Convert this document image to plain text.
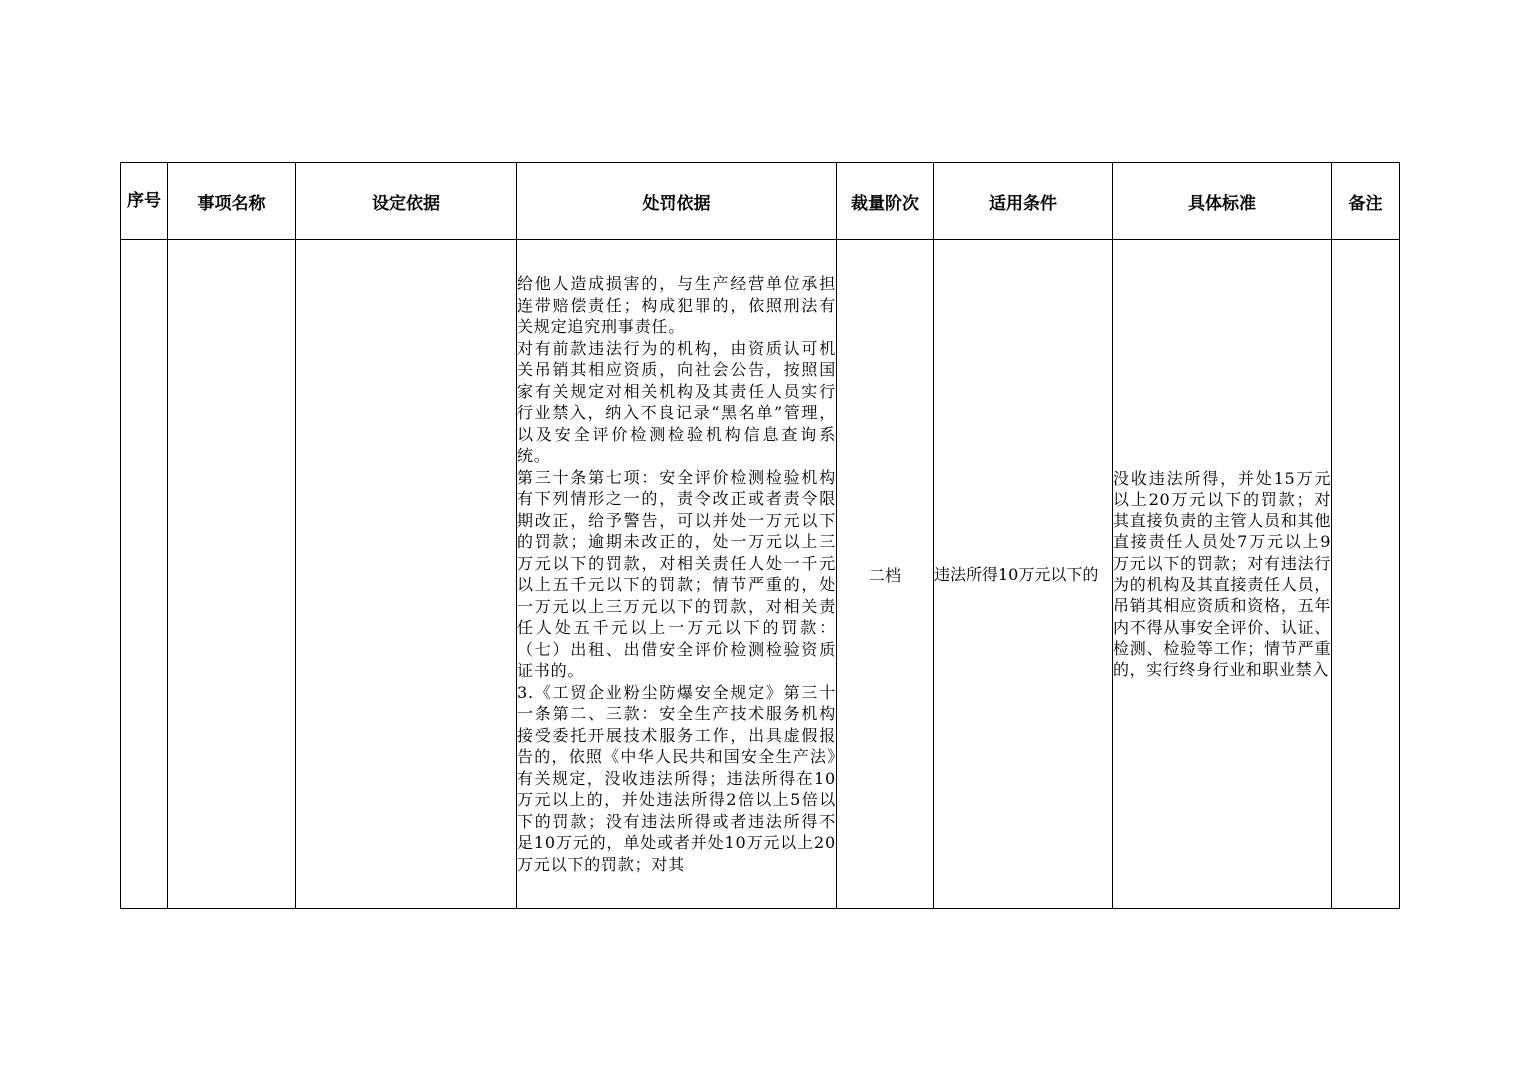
序号	事项名称	设定依据	处罚依据	裁量阶次	适用条件	具体标准	备注

			给他人造成损害的，与生产经营单位承担连带赔偿责任；构成犯罪的，依照刑法有关规定追究刑事责任。

对有前款违法行为的机构，由资质认可机关吊销其相应资质，向社会公告，按照国家有关规定对相关机构及其责任人员实行行业禁入，纳入不良记录“黑名单”管理，以及安全评价检测检验机构信息查询系统。

第三十条第七项：安全评价检测检验机构有下列情形之一的，责令改正或者责令限期改正，给予警告，可以并处一万元以下的罚款；逾期未改正的，处一万元以上三万元以下的罚款，对相关责任人处一千元以上五千元以下的罚款；情节严重的，处一万元以上三万元以下的罚款，对相关责任人处五千元以上一万元以下的罚款：（七）出租、出借安全评价检测检验资质证书的。

3.《工贸企业粉尘防爆安全规定》第三十一条第二、三款：安全生产技术服务机构接受委托开展技术服务工作，出具虚假报告的，依照《中华人民共和国安全生产法》有关规定，没收违法所得；违法所得在10万元以上的，并处违法所得2倍以上5倍以下的罚款；没有违法所得或者违法所得不足10万元的，单处或者并处10万元以上20万元以下的罚款；对其	二档	违法所得10万元以下的	没收违法所得，并处15万元以上20万元以下的罚款；对其直接负责的主管人员和其他直接责任人员处7万元以上9万元以下的罚款；对有违法行为的机构及其直接责任人员，吊销其相应资质和资格，五年内不得从事安全评价、认证、检测、检验等工作；情节严重的，实行终身行业和职业禁入	
